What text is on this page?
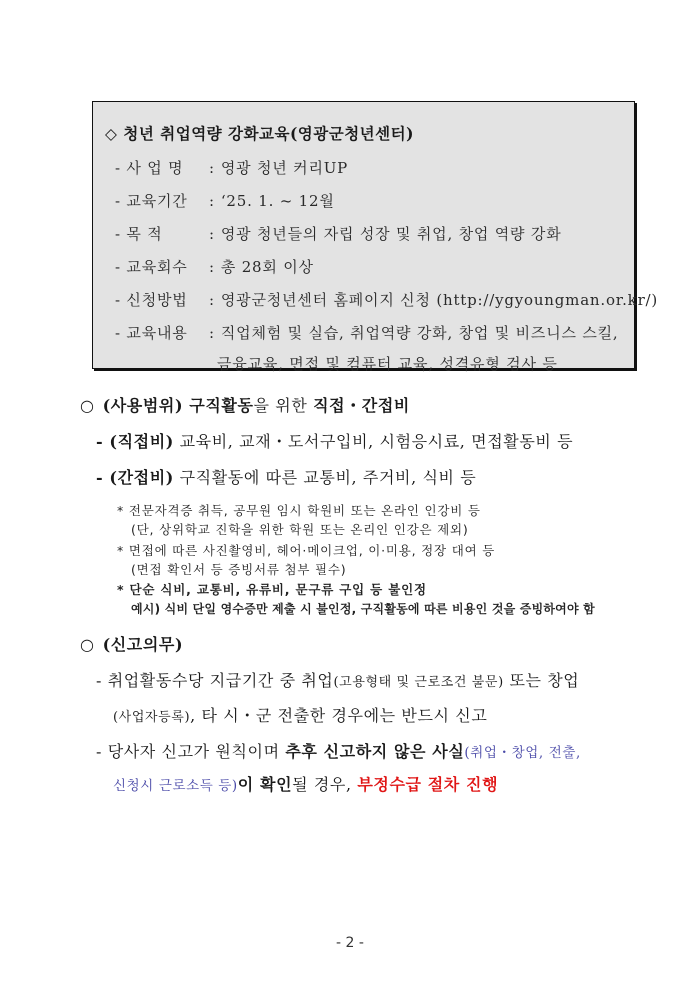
◇ 청년 취업역량 강화교육(영광군청년센터)
- 사 업 명 : 영광 청년 커리UP
- 교육기간 : ‘25. 1. ~ 12월
- 목 적	: 영광 청년들의 자립 성장 및 취업, 창업 역량 강화
- 교육회수 : 총 28회 이상
- 신청방법 : 영광군청년센터 홈페이지 신청 (http://ygyoungman.or.kr/)
- 교육내용 : 직업체험 및 실습, 취업역량 강화, 창업 및 비즈니스 스킬,
금융교육, 면접 및 컴퓨터 교육, 성격유형 검사 등
○ (사용범위) 구직활동을 위한 직접・간접비
- (직접비) 교육비, 교재・도서구입비, 시험응시료, 면접활동비 등
- (간접비) 구직활동에 따른 교통비, 주거비, 식비 등
* 전문자격증 취득, 공무원 임시 학원비 또는 온라인 인강비 등
(단, 상위학교 진학을 위한 학원 또는 온리인 인강은 제외)
* 면접에 따른 사진촬영비, 헤어·메이크업, 이·미용, 정장 대여 등
(면접 확인서 등 증빙서류 첨부 필수)
* 단순 식비, 교통비, 유류비, 문구류 구입 등 불인정
예시) 식비 단일 영수증만 제출 시 불인정, 구직활동에 따른 비용인 것을 증빙하여야 함
○ (신고의무)
- 취업활동수당 지급기간 중 취업(고용형태 및 근로조건 불문) 또는 창업
(사업자등록), 타 시・군 전출한 경우에는 반드시 신고
- 당사자 신고가 원칙이며 추후 신고하지 않은 사실(취업・창업, 전출,
신청시 근로소득 등)이 확인될 경우, 부정수급 절차 진행
- 2 -
